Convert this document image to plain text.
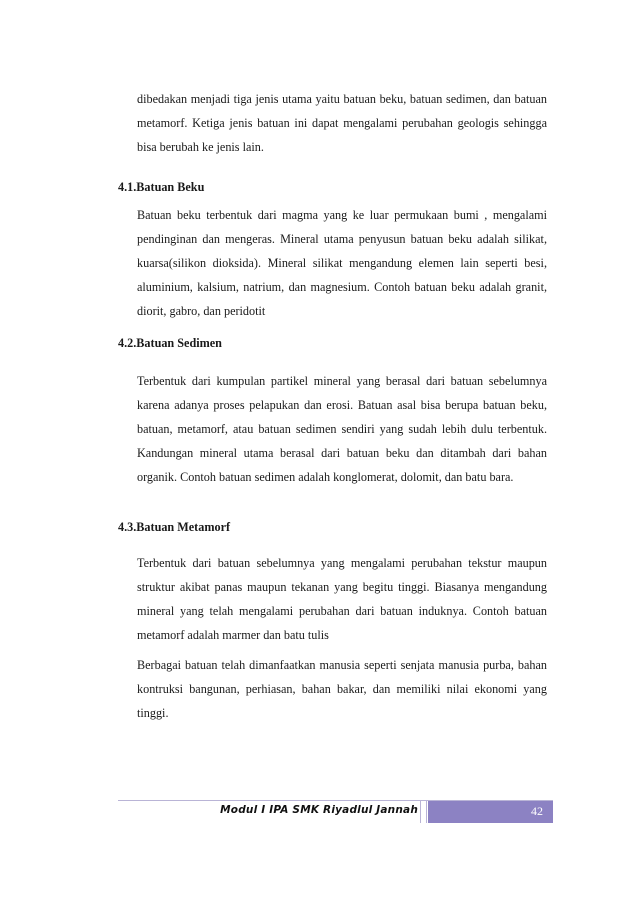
dibedakan menjadi tiga jenis utama yaitu batuan beku, batuan sedimen, dan batuan metamorf. Ketiga jenis batuan ini dapat mengalami perubahan geologis sehingga bisa berubah ke jenis lain.

4.1.Batuan Beku

Batuan beku terbentuk dari magma yang ke luar permukaan bumi , mengalami pendinginan dan mengeras. Mineral utama penyusun batuan beku adalah silikat, kuarsa(silikon dioksida). Mineral silikat mengandung elemen lain seperti besi, aluminium, kalsium, natrium, dan magnesium. Contoh batuan beku adalah granit, diorit, gabro, dan peridotit

4.2.Batuan Sedimen

Terbentuk dari kumpulan partikel mineral yang berasal dari batuan sebelumnya karena adanya proses pelapukan dan erosi. Batuan asal bisa berupa batuan beku, batuan, metamorf, atau batuan sedimen sendiri yang sudah lebih dulu terbentuk. Kandungan mineral utama berasal dari batuan beku dan ditambah dari bahan organik. Contoh batuan sedimen adalah konglomerat, dolomit, dan batu bara.

4.3.Batuan Metamorf

Terbentuk dari batuan sebelumnya yang mengalami perubahan tekstur maupun struktur akibat panas maupun tekanan yang begitu tinggi. Biasanya mengandung mineral yang telah mengalami perubahan dari batuan induknya. Contoh batuan metamorf adalah marmer dan batu tulis

Berbagai batuan telah dimanfaatkan manusia seperti senjata manusia purba, bahan kontruksi bangunan, perhiasan, bahan bakar, dan memiliki nilai ekonomi yang tinggi.

Modul I IPA SMK Riyadlul Jannah	42
